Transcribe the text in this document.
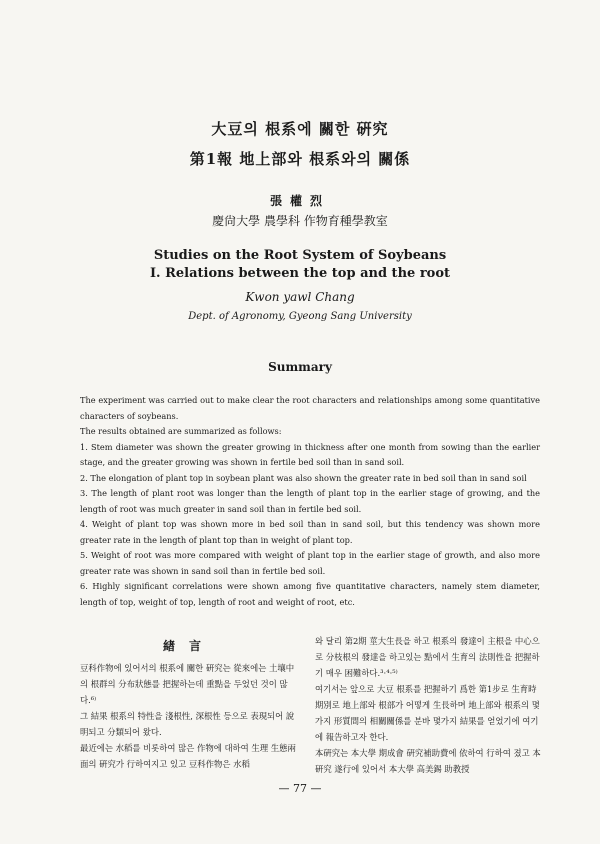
大豆의 根系에 關한 硏究
第1報 地上部와 根系와의 關係
張權烈
慶尙大學 農學科 作物育種學教室
Studies on the Root System of Soybeans
I. Relations between the top and the root
Kwon yawl Chang
Dept. of Agronomy, Gyeong Sang University
Summary

The experiment was carried out to make clear the root characters and relationships among some quantitative characters of soybeans.

The results obtained are summarized as follows:

1. Stem diameter was shown the greater growing in thickness after one month from sowing than the earlier stage, and the greater growing was shown in fertile bed soil than in sand soil.

2. The elongation of plant top in soybean plant was also shown the greater rate in bed soil than in sand soil

3. The length of plant root was longer than the length of plant top in the earlier stage of growing, and the length of root was much greater in sand soil than in fertile bed soil.

4. Weight of plant top was shown more in bed soil than in sand soil, but this tendency was shown more greater rate in the length of plant top than in weight of plant top.

5. Weight of root was more compared with weight of plant top in the earlier stage of growth, and also more greater rate was shown in sand soil than in fertile bed soil.

6. Highly significant correlations were shown among five quantitative characters, namely stem diameter, length of top, weight of top, length of root and weight of root, etc.

緖言

豆科作物에 있어서의 根系에 關한 硏究는 從來에는 土壤中의 根群의 分布狀態를 把握하는데 重點을 두었던 것이 많다.⁶⁾

그 結果 根系의 特性을 淺根性, 深根性 등으로 表現되어 說明되고 分類되어 왔다.

最近에는 水稻를 비롯하여 많은 作物에 대하여 生理 生態兩面의 硏究가 行하여지고 있고 豆科作物은 水稻

와 달리 第2期 莖大生長을 하고 根系의 發達이 主根을 中心으로 分枝根의 發達을 하고있는 點에서 生育의 法則性을 把握하기 매우 困難하다.³·⁴·⁵⁾

여기서는 앞으로 大豆 根系를 把握하기 爲한 第1步로 生育時期別로 地上部와 根部가 어떻게 生長하며 地上部와 根系의 몇가지 形質間의 相關關係를 분바 몇가지 結果를 얻었기에 여기에 報告하고자 한다.

本硏究는 本大學 期成會 硏究補助費에 依하여 行하여 졌고 本硏究 遂行에 있어서 本大學 高美錫 助教授

— 77 —
